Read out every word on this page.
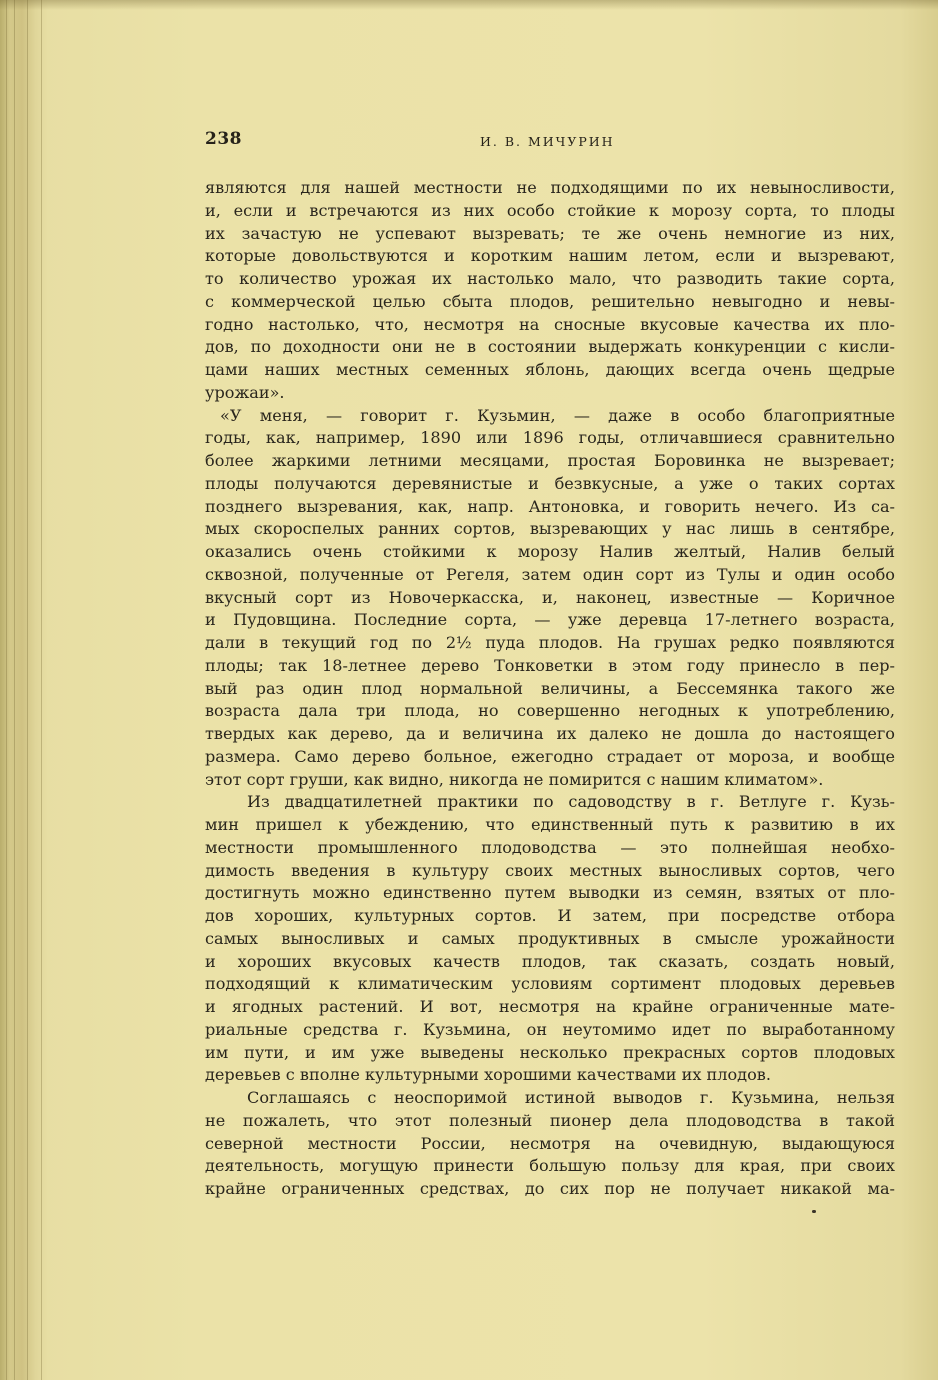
238	И. В. МИЧУРИН
являются для нашей местности не подходящими по их невыносливости,
и, если и встречаются из них особо стойкие к морозу сорта, то плоды
их зачастую не успевают вызревать; те же очень немногие из них,
которые довольствуются и коротким нашим летом, если и вызревают,
то количество урожая их настолько мало, что разводить такие сорта,
с коммерческой целью сбыта плодов, решительно невыгодно и невы-
годно настолько, что, несмотря на сносные вкусовые качества их пло-
дов, по доходности они не в состоянии выдержать конкуренции с кисли-
цами наших местных семенных яблонь, дающих всегда очень щедрые
урожаи».
«У меня, — говорит г. Кузьмин, — даже в особо благоприятные
годы, как, например, 1890 или 1896 годы, отличавшиеся сравнительно
более жаркими летними месяцами, простая Боровинка не вызревает;
плоды получаются деревянистые и безвкусные, а уже о таких сортах
позднего вызревания, как, напр. Антоновка, и говорить нечего. Из са-
мых скороспелых ранних сортов, вызревающих у нас лишь в сентябре,
оказались очень стойкими к морозу Налив желтый, Налив белый
сквозной, полученные от Регеля, затем один сорт из Тулы и один особо
вкусный сорт из Новочеркасска, и, наконец, известные — Коричное
и Пудовщина. Последние сорта, — уже деревца 17-летнего возраста,
дали в текущий год по 2½ пуда плодов. На грушах редко появляются
плоды; так 18-летнее дерево Тонковетки в этом году принесло в пер-
вый раз один плод нормальной величины, а Бессемянка такого же
возраста дала три плода, но совершенно негодных к употреблению,
твердых как дерево, да и величина их далеко не дошла до настоящего
размера. Само дерево больное, ежегодно страдает от мороза, и вообще
этот сорт груши, как видно, никогда не помирится с нашим климатом».
Из двадцатилетней практики по садоводству в г. Ветлуге г. Кузь-
мин пришел к убеждению, что единственный путь к развитию в их
местности промышленного плодоводства — это полнейшая необхо-
димость введения в культуру своих местных выносливых сортов, чего
достигнуть можно единственно путем выводки из семян, взятых от пло-
дов хороших, культурных сортов. И затем, при посредстве отбора
самых выносливых и самых продуктивных в смысле урожайности
и хороших вкусовых качеств плодов, так сказать, создать новый,
подходящий к климатическим условиям сортимент плодовых деревьев
и ягодных растений. И вот, несмотря на крайне ограниченные мате-
риальные средства г. Кузьмина, он неутомимо идет по выработанному
им пути, и им уже выведены несколько прекрасных сортов плодовых
деревьев с вполне культурными хорошими качествами их плодов.
Соглашаясь с неоспоримой истиной выводов г. Кузьмина, нельзя
не пожалеть, что этот полезный пионер дела плодоводства в такой
северной местности России, несмотря на очевидную, выдающуюся
деятельность, могущую принести большую пользу для края, при своих
крайне ограниченных средствах, до сих пор не получает никакой ма-
